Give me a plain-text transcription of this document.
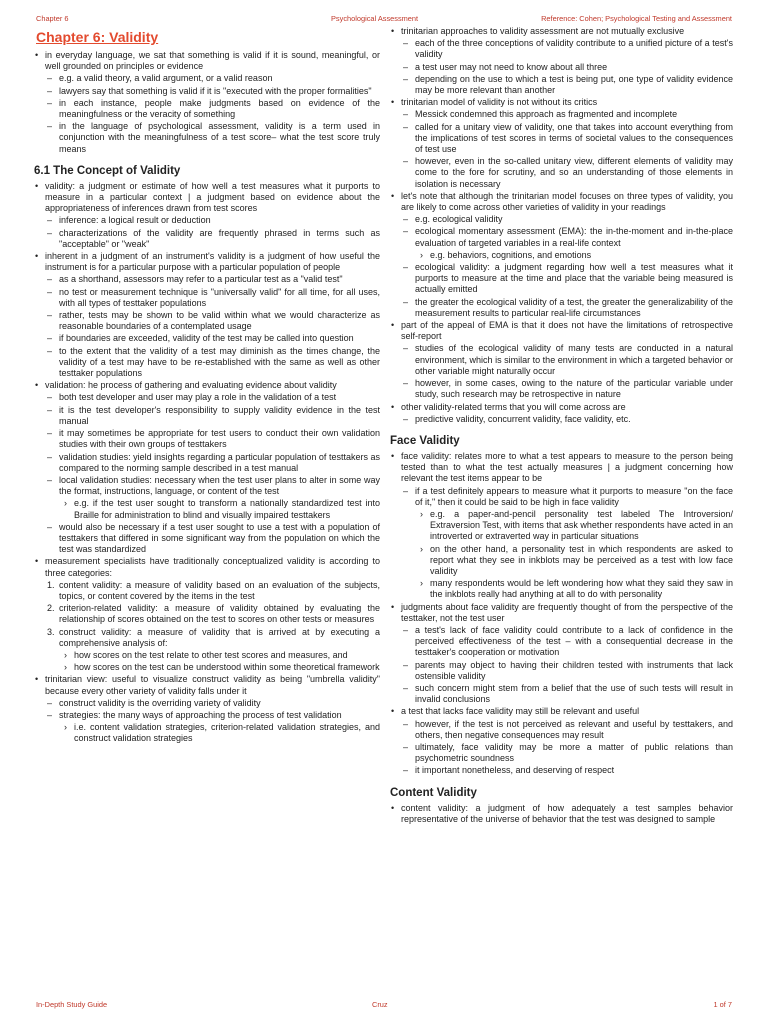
Chapter 6	Psychological Assessment	Reference: Cohen; Psychological Testing and Assessment
Chapter 6: Validity
• in everyday language, we sat that something is valid if it is sound, meaningful, or well grounded on principles or evidence
– e.g. a valid theory, a valid argument, or a valid reason
– lawyers say that something is valid if it is "executed with the proper formalities"
– in each instance, people make judgments based on evidence of the meaningfulness or the veracity of something
– in the language of psychological assessment, validity is a term used in conjunction with the meaningfulness of a test score– what the test score truly means
6.1 The Concept of Validity
• validity: a judgment or estimate of how well a test measures what it purports to measure in a particular context | a judgment based on evidence about the appropriateness of inferences drawn from test scores
– inference: a logical result or deduction
– characterizations of the validity are frequently phrased in terms such as "acceptable" or "weak"
• inherent in a judgment of an instrument's validity is a judgment of how useful the instrument is for a particular purpose with a particular population of people
– as a shorthand, assessors may refer to a particular test as a "valid test"
– no test or measurement technique is "universally valid" for all time, for all uses, with all types of testtaker populations
– rather, tests may be shown to be valid within what we would characterize as reasonable boundaries of a contemplated usage
– if boundaries are exceeded, validity of the test may be called into question
– to the extent that the validity of a test may diminish as the times change, the validity of a test may have to be re-established with the same as well as other testtaker populations
• validation: he process of gathering and evaluating evidence about validity
– both test developer and user may play a role in the validation of a test
– it is the test developer's responsibility to supply validity evidence in the test manual
– it may sometimes be appropriate for test users to conduct their own validation studies with their own groups of testtakers
– validation studies: yield insights regarding a particular population of testtakers as compared to the norming sample described in a test manual
– local validation studies: necessary when the test user plans to alter in some way the format, instructions, language, or content of the test
› e.g. if the test user sought to transform a nationally standardized test into Braille for administration to blind and visually impaired testtakers
– would also be necessary if a test user sought to use a test with a population of testtakers that differed in some significant way from the population on which the test was standardized
• measurement specialists have traditionally conceptualized validity is according to three categories:
1. content validity: a measure of validity based on an evaluation of the subjects, topics, or content covered by the items in the test
2. criterion-related validity: a measure of validity obtained by evaluating the relationship of scores obtained on the test to scores on other tests or measures
3. construct validity: a measure of validity that is arrived at by executing a comprehensive analysis of:
› how scores on the test relate to other test scores and measures, and
› how scores on the test can be understood within some theoretical framework
• trinitarian view: useful to visualize construct validity as being "umbrella validity" because every other variety of validity falls under it
– construct validity is the overriding variety of validity
– strategies: the many ways of approaching the process of test validation
› i.e. content validation strategies, criterion-related validation strategies, and construct validation strategies
• trinitarian approaches to validity assessment are not mutually exclusive
– each of the three conceptions of validity contribute to a unified picture of a test's validity
– a test user may not need to know about all three
– depending on the use to which a test is being put, one type of validity evidence may be more relevant than another
• trinitarian model of validity is not without its critics
– Messick condemned this approach as fragmented and incomplete
– called for a unitary view of validity, one that takes into account everything from the implications of test scores in terms of societal values to the consequences of test use
– however, even in the so-called unitary view, different elements of validity may come to the fore for scrutiny, and so an understanding of those elements in isolation is necessary
• let's note that although the trinitarian model focuses on three types of validity, you are likely to come across other varieties of validity in your readings
– e.g. ecological validity
– ecological momentary assessment (EMA): the in-the-moment and in-the-place evaluation of targeted variables in a real-life context
› e.g. behaviors, cognitions, and emotions
– ecological validity: a judgment regarding how well a test measures what it purports to measure at the time and place that the variable being measured is actually emitted
– the greater the ecological validity of a test, the greater the generalizability of the measurement results to particular real-life circumstances
• part of the appeal of EMA is that it does not have the limitations of retrospective self-report
– studies of the ecological validity of many tests are conducted in a natural environment, which is similar to the environment in which a targeted behavior or other variable might naturally occur
– however, in some cases, owing to the nature of the particular variable under study, such research may be retrospective in nature
• other validity-related terms that you will come across are
– predictive validity, concurrent validity, face validity, etc.
Face Validity
• face validity: relates more to what a test appears to measure to the person being tested than to what the test actually measures | a judgment concerning how relevant the test items appear to be
– if a test definitely appears to measure what it purports to measure "on the face of it," then it could be said to be high in face validity
› e.g. a paper-and-pencil personality test labeled The Introversion/ Extraversion Test, with items that ask whether respondents have acted in an introverted or extraverted way in particular situations
› on the other hand, a personality test in which respondents are asked to report what they see in inkblots may be perceived as a test with low face validity
› many respondents would be left wondering how what they said they saw in the inkblots really had anything at all to do with personality
• judgments about face validity are frequently thought of from the perspective of the testtaker, not the test user
– a test's lack of face validity could contribute to a lack of confidence in the perceived effectiveness of the test – with a consequential decrease in the testtaker's cooperation or motivation
– parents may object to having their children tested with instruments that lack ostensible validity
– such concern might stem from a belief that the use of such tests will result in invalid conclusions
• a test that lacks face validity may still be relevant and useful
– however, if the test is not perceived as relevant and useful by testtakers, and others, then negative consequences may result
– ultimately, face validity may be more a matter of public relations than psychometric soundness
– it important nonetheless, and deserving of respect
Content Validity
• content validity: a judgment of how adequately a test samples behavior representative of the universe of behavior that the test was designed to sample
In-Depth Study Guide	Cruz	1 of 7
